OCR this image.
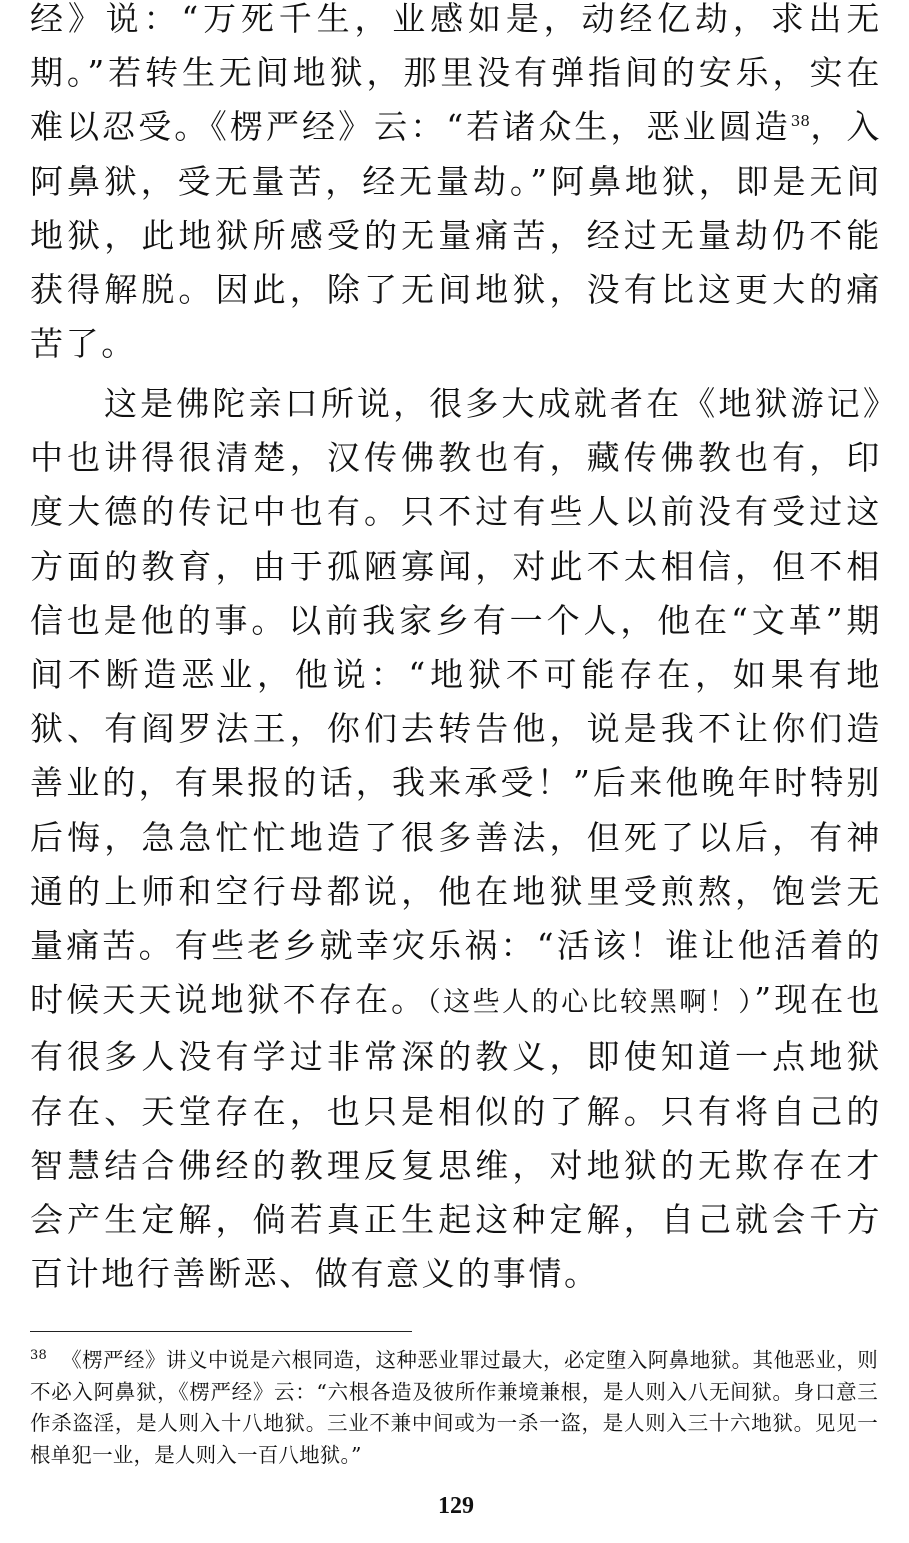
经》说：“万死千生，业感如是，动经亿劫，求出无期。”若转生无间地狱，那里没有弹指间的安乐，实在难以忍受。《楞严经》云：“若诸众生，恶业圆造$^{38}$，入阿鼻狱，受无量苦，经无量劫。”阿鼻地狱，即是无间地狱，此地狱所感受的无量痛苦，经过无量劫仍不能获得解脱。因此，除了无间地狱，没有比这更大的痛苦了。

这是佛陀亲口所说，很多大成就者在《地狱游记》中也讲得很清楚，汉传佛教也有，藏传佛教也有，印度大德的传记中也有。只不过有些人以前没有受过这方面的教育，由于孤陋寡闻，对此不太相信，但不相信也是他的事。以前我家乡有一个人，他在“文革”期间不断造恶业，他说：“地狱不可能存在，如果有地狱、有阎罗法王，你们去转告他，说是我不让你们造善业的，有果报的话，我来承受！”后来他晚年时特别后悔，急急忙忙地造了很多善法，但死了以后，有神通的上师和空行母都说，他在地狱里受煎熬，饱尝无量痛苦。有些老乡就幸灾乐祸：“活该！谁让他活着的时候天天说地狱不存在。（这些人的心比较黑啊！）”现在也有很多人没有学过非常深的教义，即使知道一点地狱存在、天堂存在，也只是相似的了解。只有将自己的智慧结合佛经的教理反复思维，对地狱的无欺存在才会产生定解，倘若真正生起这种定解，自己就会千方百计地行善断恶、做有意义的事情。

$^{38}$ 《楞严经》讲义中说是六根同造，这种恶业罪过最大，必定堕入阿鼻地狱。其他恶业，则不必入阿鼻狱，《楞严经》云：“六根各造及彼所作兼境兼根，是人则入八无间狱。身口意三作杀盗淫，是人则入十八地狱。三业不兼中间或为一杀一盗，是人则入三十六地狱。见见一根单犯一业，是人则入一百八地狱。”

129
